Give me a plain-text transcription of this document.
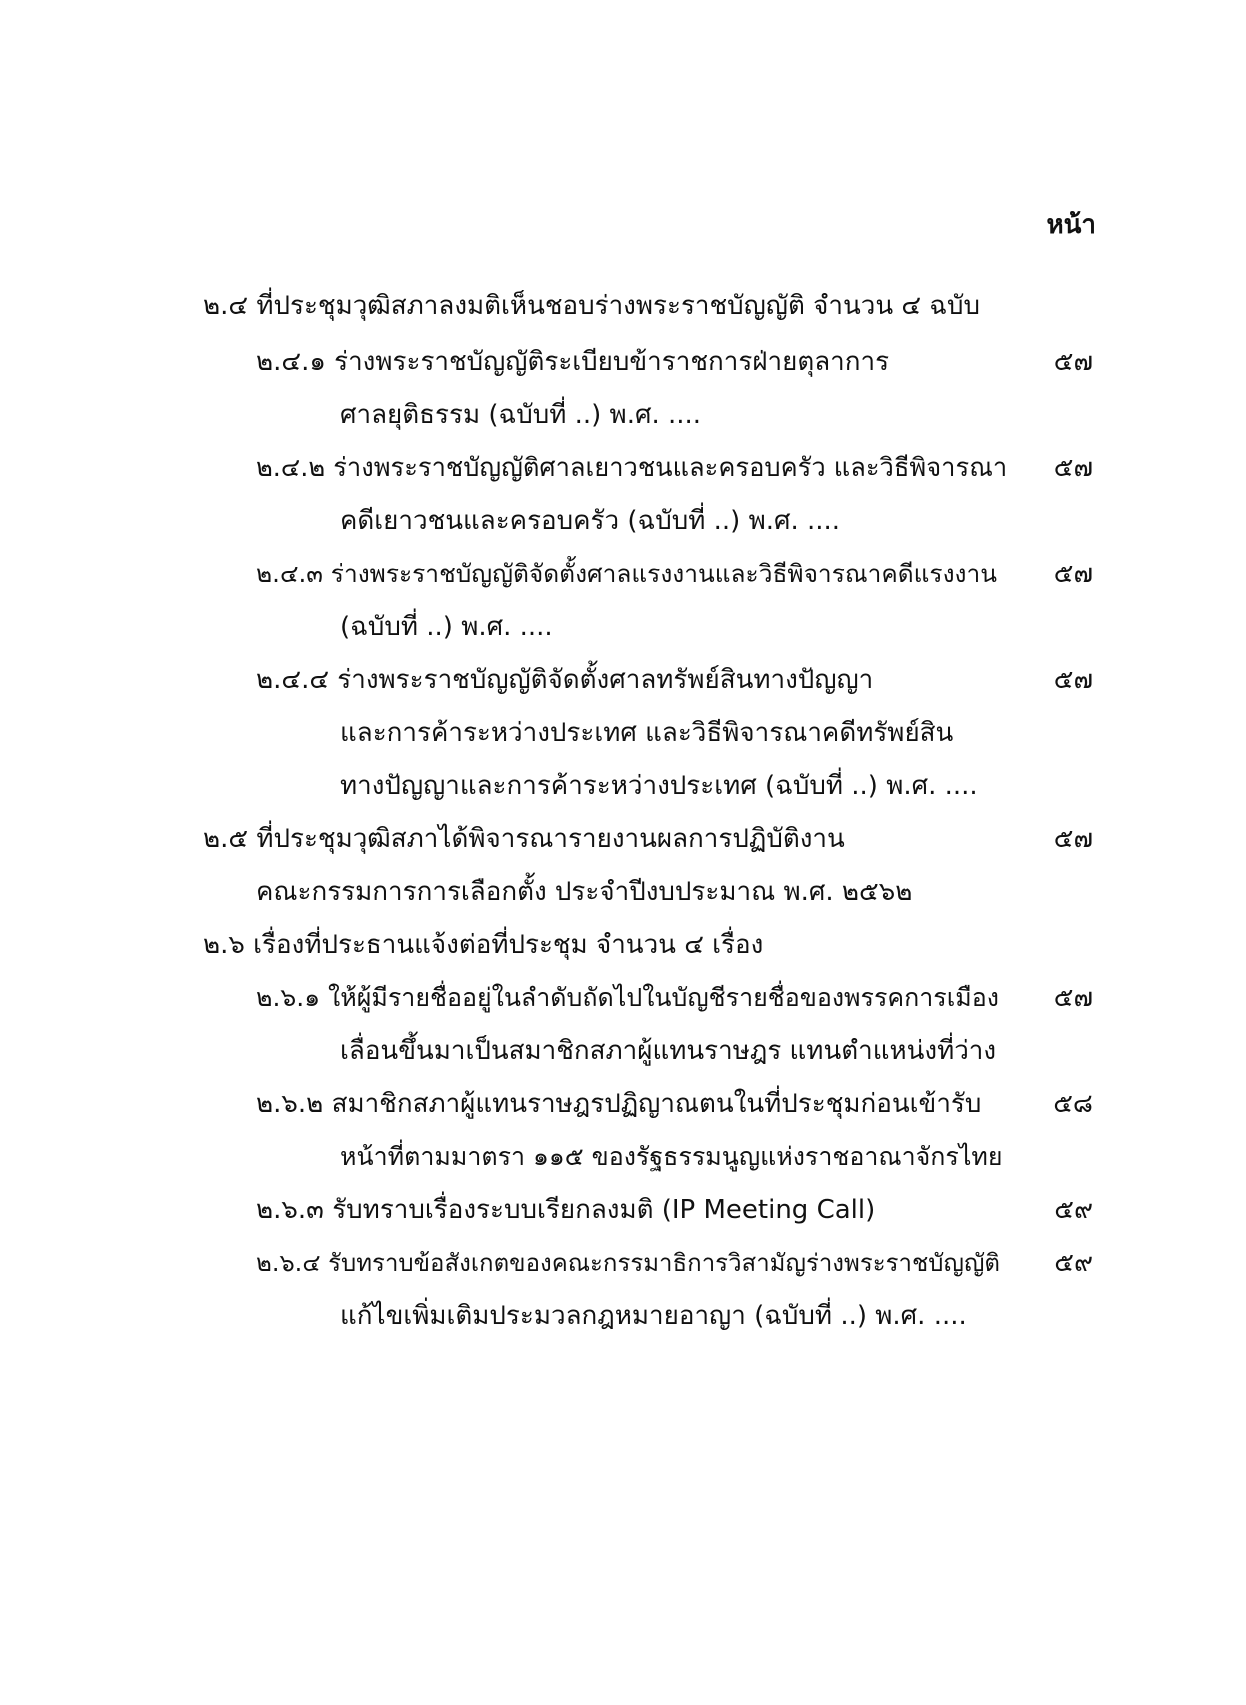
หน้า
๒.๔ ที่ประชุมวุฒิสภาลงมติเห็นชอบร่างพระราชบัญญัติ จำนวน ๔ ฉบับ
๒.๔.๑ ร่างพระราชบัญญัติระเบียบข้าราชการฝ่ายตุลาการ	๕๗
ศาลยุติธรรม (ฉบับที่ ..) พ.ศ. ....
๒.๔.๒ ร่างพระราชบัญญัติศาลเยาวชนและครอบครัว และวิธีพิจารณา ๕๗
คดีเยาวชนและครอบครัว (ฉบับที่ ..) พ.ศ. ....
๒.๔.๓ ร่างพระราชบัญญัติจัดตั้งศาลแรงงานและวิธีพิจารณาคดีแรงงาน ๕๗
(ฉบับที่ ..) พ.ศ. ....
๒.๔.๔ ร่างพระราชบัญญัติจัดตั้งศาลทรัพย์สินทางปัญญา	๕๗
และการค้าระหว่างประเทศ และวิธีพิจารณาคดีทรัพย์สิน
ทางปัญญาและการค้าระหว่างประเทศ (ฉบับที่ ..) พ.ศ. ....
๒.๕ ที่ประชุมวุฒิสภาได้พิจารณารายงานผลการปฏิบัติงาน	๕๗
คณะกรรมการการเลือกตั้ง ประจำปีงบประมาณ พ.ศ. ๒๕๖๒
๒.๖ เรื่องที่ประธานแจ้งต่อที่ประชุม จำนวน ๔ เรื่อง
๒.๖.๑ ให้ผู้มีรายชื่ออยู่ในลำดับถัดไปในบัญชีรายชื่อของพรรคการเมือง ๕๗
เลื่อนขึ้นมาเป็นสมาชิกสภาผู้แทนราษฎร แทนตำแหน่งที่ว่าง
๒.๖.๒ สมาชิกสภาผู้แทนราษฎรปฏิญาณตนในที่ประชุมก่อนเข้ารับ	๕๘
หน้าที่ตามมาตรา ๑๑๕ ของรัฐธรรมนูญแห่งราชอาณาจักรไทย
๒.๖.๓ รับทราบเรื่องระบบเรียกลงมติ (IP Meeting Call)	๕๙
๒.๖.๔ รับทราบข้อสังเกตของคณะกรรมาธิการวิสามัญร่างพระราชบัญญัติ ๕๙
แก้ไขเพิ่มเติมประมวลกฎหมายอาญา (ฉบับที่ ..) พ.ศ. ....
